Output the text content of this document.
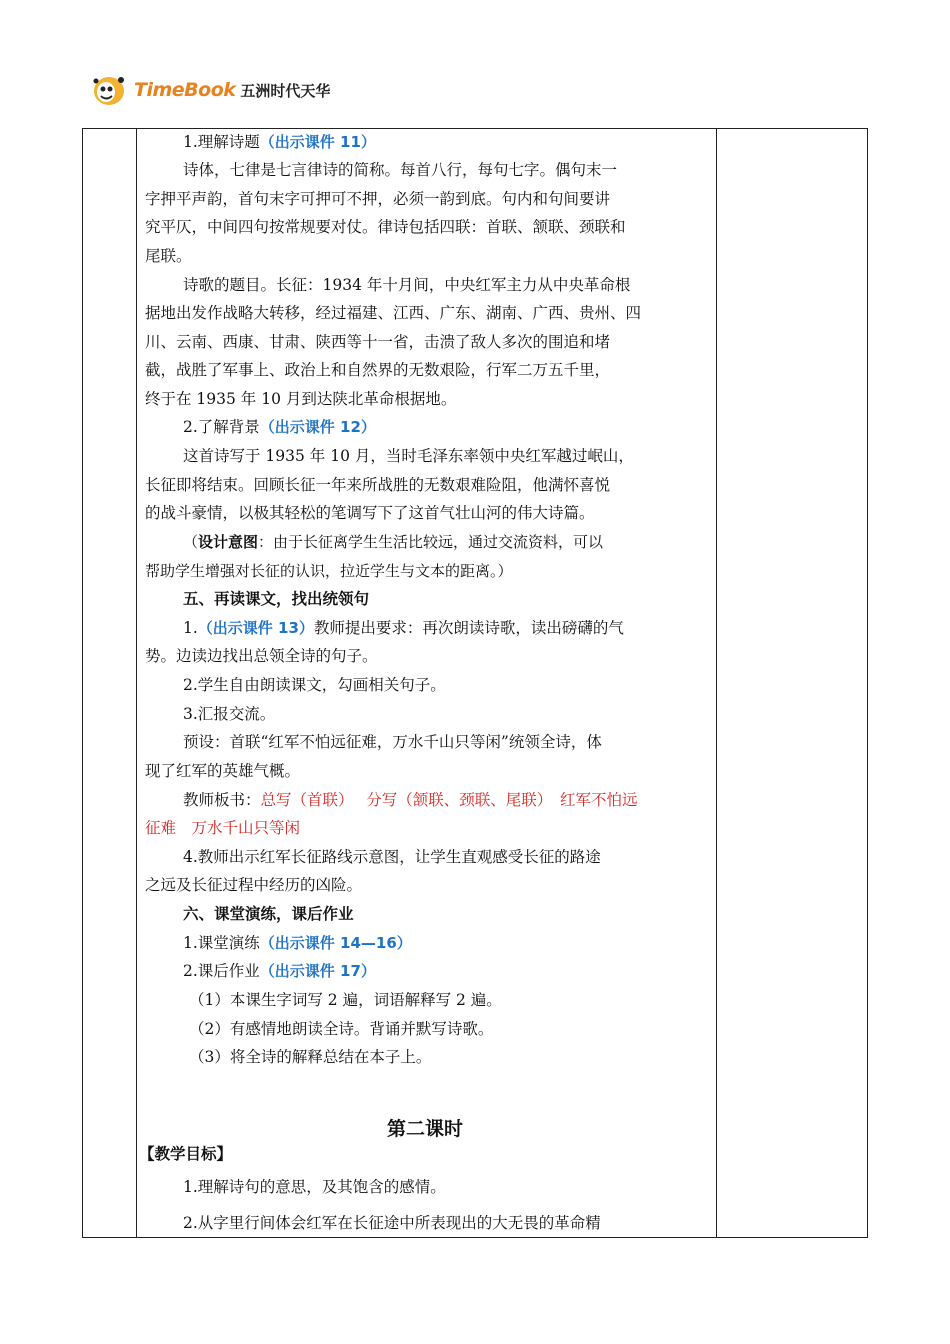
TimeBook 五洲时代天华
1.理解诗题（出示课件 11）
诗体，七律是七言律诗的简称。每首八行，每句七字。偶句末一
字押平声韵，首句末字可押可不押，必须一韵到底。句内和句间要讲
究平仄，中间四句按常规要对仗。律诗包括四联：首联、颔联、颈联和
尾联。
诗歌的题目。长征：1934 年十月间，中央红军主力从中央革命根
据地出发作战略大转移，经过福建、江西、广东、湖南、广西、贵州、四
川、云南、西康、甘肃、陕西等十一省，击溃了敌人多次的围追和堵
截，战胜了军事上、政治上和自然界的无数艰险，行军二万五千里，
终于在 1935 年 10 月到达陕北革命根据地。
2.了解背景（出示课件 12）
这首诗写于 1935 年 10 月，当时毛泽东率领中央红军越过岷山，
长征即将结束。回顾长征一年来所战胜的无数艰难险阻，他满怀喜悦
的战斗豪情，以极其轻松的笔调写下了这首气壮山河的伟大诗篇。
（设计意图：由于长征离学生生活比较远，通过交流资料，可以
帮助学生增强对长征的认识，拉近学生与文本的距离。）
五、再读课文，找出统领句
1.（出示课件 13）教师提出要求：再次朗读诗歌，读出磅礴的气
势。边读边找出总领全诗的句子。
2.学生自由朗读课文，勾画相关句子。
3.汇报交流。
预设：首联“红军不怕远征难，万水千山只等闲”统领全诗，体
现了红军的英雄气概。
教师板书：总写（首联）　 分写（颔联、颈联、尾联）　红军不怕远
征难　万水千山只等闲
4.教师出示红军长征路线示意图，让学生直观感受长征的路途
之远及长征过程中经历的凶险。
六、课堂演练，课后作业
1.课堂演练（出示课件 14—16）
2.课后作业（出示课件 17）
（1）本课生字词写 2 遍，词语解释写 2 遍。
（2）有感情地朗读全诗。背诵并默写诗歌。
（3）将全诗的解释总结在本子上。
第二课时
【教学目标】
1.理解诗句的意思，及其饱含的感情。
2.从字里行间体会红军在长征途中所表现出的大无畏的革命精
